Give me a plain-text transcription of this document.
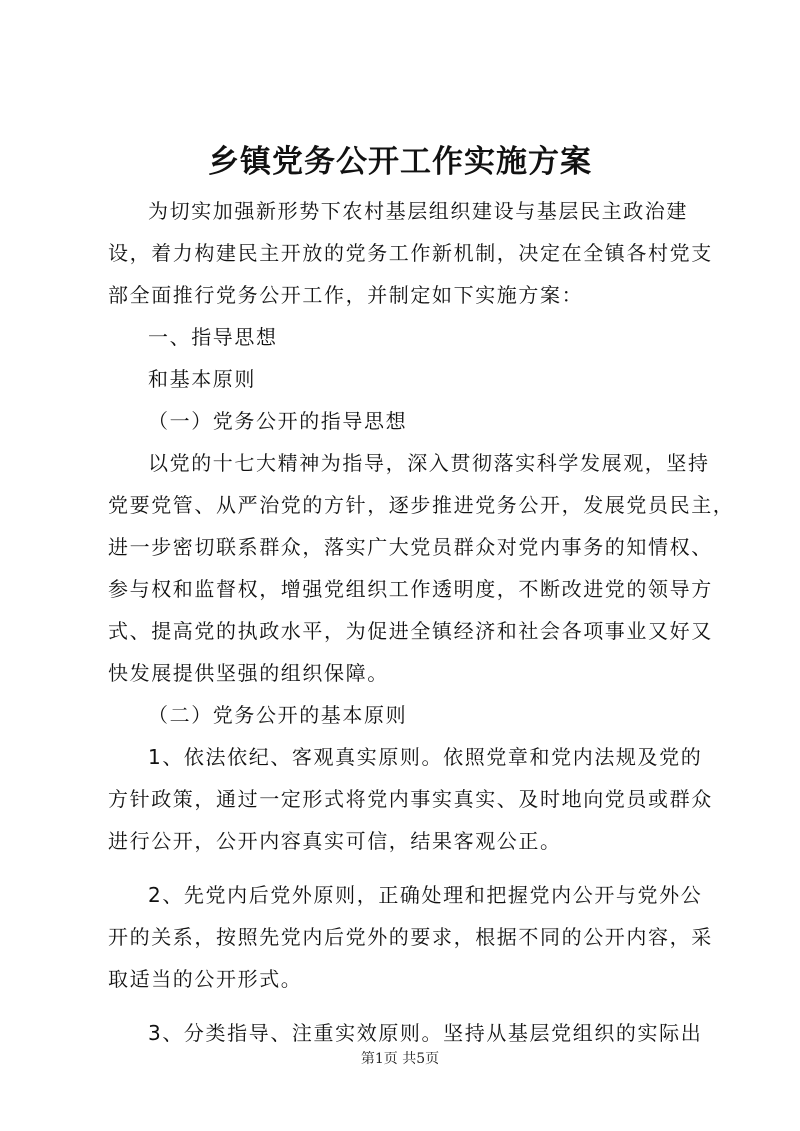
乡镇党务公开工作实施方案
为切实加强新形势下农村基层组织建设与基层民主政治建
设，着力构建民主开放的党务工作新机制，决定在全镇各村党支
部全面推行党务公开工作，并制定如下实施方案：
一、指导思想
和基本原则
（一）党务公开的指导思想
以党的十七大精神为指导，深入贯彻落实科学发展观，坚持
党要党管、从严治党的方针，逐步推进党务公开，发展党员民主，
进一步密切联系群众，落实广大党员群众对党内事务的知情权、
参与权和监督权，增强党组织工作透明度，不断改进党的领导方
式、提高党的执政水平，为促进全镇经济和社会各项事业又好又
快发展提供坚强的组织保障。
（二）党务公开的基本原则
1、依法依纪、客观真实原则。依照党章和党内法规及党的
方针政策，通过一定形式将党内事实真实、及时地向党员或群众
进行公开，公开内容真实可信，结果客观公正。
2、先党内后党外原则，正确处理和把握党内公开与党外公
开的关系，按照先党内后党外的要求，根据不同的公开内容，采
取适当的公开形式。
3、分类指导、注重实效原则。坚持从基层党组织的实际出
第1页 共5页
